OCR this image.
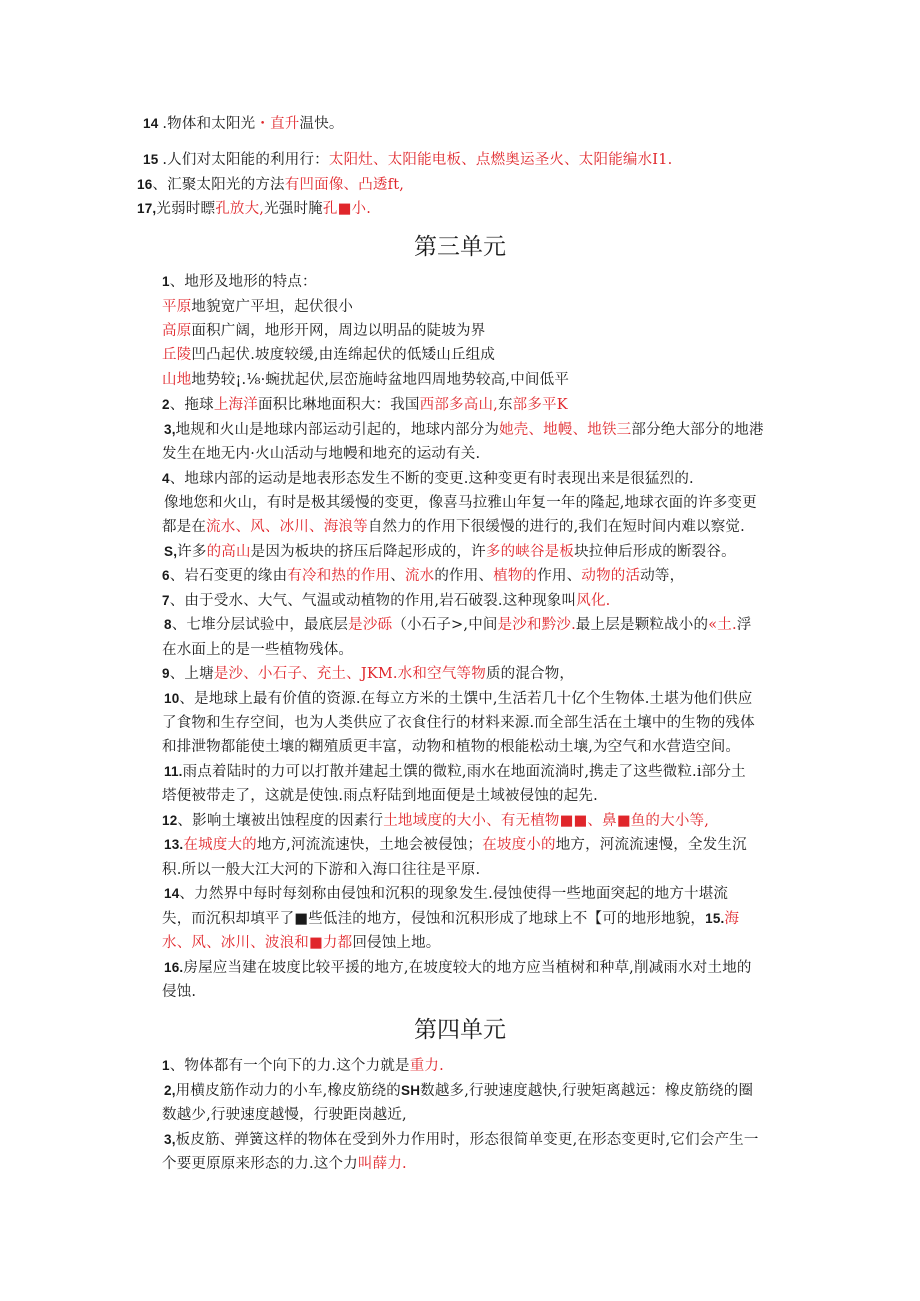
14 .物体和太阳光・直升温快。
15 .人们对太阳能的利用行：太阳灶、太阳能电板、点燃奥运圣火、太阳能编水I1.
16、汇聚太阳光的方法有凹面像、凸透ft,
17,光弱时瞟孔放大,光强时腌孔■小.
第三单元
1、地形及地形的特点：
平原地貌宽广平坦，起伏很小
高原面积广阔，地形开网，周边以明品的陡坡为界
丘陵凹凸起伏.坡度较缓,由连绵起伏的低矮山丘组成
山地地势较¡.⅛·蜿扰起伏,层峦施峙盆地四周地势较高,中间低平
2、拖球上海洋面积比琳地面积大：我国西部多高山,东部多平K
3,地规和火山是地球内部运动引起的，地球内部分为她壳、地幔、地铁三部分绝大部分的地港
发生在地无内·火山活动与地幔和地充的运动有关.
4、地球内部的运动是地表形态发生不断的变更.这种变更有时表现出来是很猛烈的.
像地您和火山，有时是极其缓慢的变更，像喜马拉雅山年复一年的隆起,地球衣面的许多变更
都是在流水、风、冰川、海浪等自然力的作用下很缓慢的进行的,我们在短时间内难以察觉.
S,许多的高山是因为板块的挤压后降起形成的，许多的峡谷是板块拉伸后形成的断裂谷。
6、岩石变更的缘由有冷和热的作用、流水的作用、植物的作用、动物的活动等，
7、由于受水、大气、气温或动植物的作用,岩石破裂.这种现象叫风化.
8、七堆分层试验中，最底层是沙砾（小石子>,中间是沙和黔沙.最上层是颗粒战小的«土.浮
在水面上的是一些植物残体。
9、上塘是沙、小石子、充土、JKM.水和空气等物质的混合物，
10、是地球上最有价值的资源.在每立方米的土馔中,生活若几十亿个生物体.土堪为他们供应
了食物和生存空间，也为人类供应了衣食住行的材料来源.而全部生活在土壤中的生物的残体
和排泄物都能使土壤的糊殖质更丰富，动物和植物的根能松动土壤,为空气和水营造空间。
11.雨点着陆时的力可以打散并建起土馔的微粒,雨水在地面流淌时,携走了这些微粒.i部分土
塔便被带走了，这就是使蚀.雨点籽陆到地面便是土域被侵蚀的起先.
12、影响土壤被出蚀程度的因素行土地域度的大小、有无植物■■、鼻■鱼的大小等,
13.在城度大的地方,河流流速快，土地会被侵蚀；在坡度小的地方，河流流速慢，全发生沉
积.所以一般大江大河的下游和入海口往往是平原.
14、力然界中每时每刻称由侵蚀和沉积的现象发生.侵蚀使得一些地面突起的地方十堪流
失，而沉积却填平了■些低洼的地方，侵蚀和沉积形成了地球上不【可的地形地貌，15.海
水、风、冰川、波浪和■力都回侵蚀上地。
16.房屋应当建在坡度比较平援的地方,在坡度较大的地方应当植树和种草,削减雨水对土地的
侵蚀.
第四单元
1、物体都有一个向下的力.这个力就是重力.
2,用横皮筋作动力的小车,橡皮筋绕的SH数越多,行驶速度越快,行驶矩离越远：橡皮筋绕的圈
数越少,行驶速度越慢，行驶距岗越近,
3,板皮筋、弹簧这样的物体在受到外力作用时，形态很简单变更,在形态变更时,它们会产生一
个要更原原来形态的力.这个力叫薛力.
